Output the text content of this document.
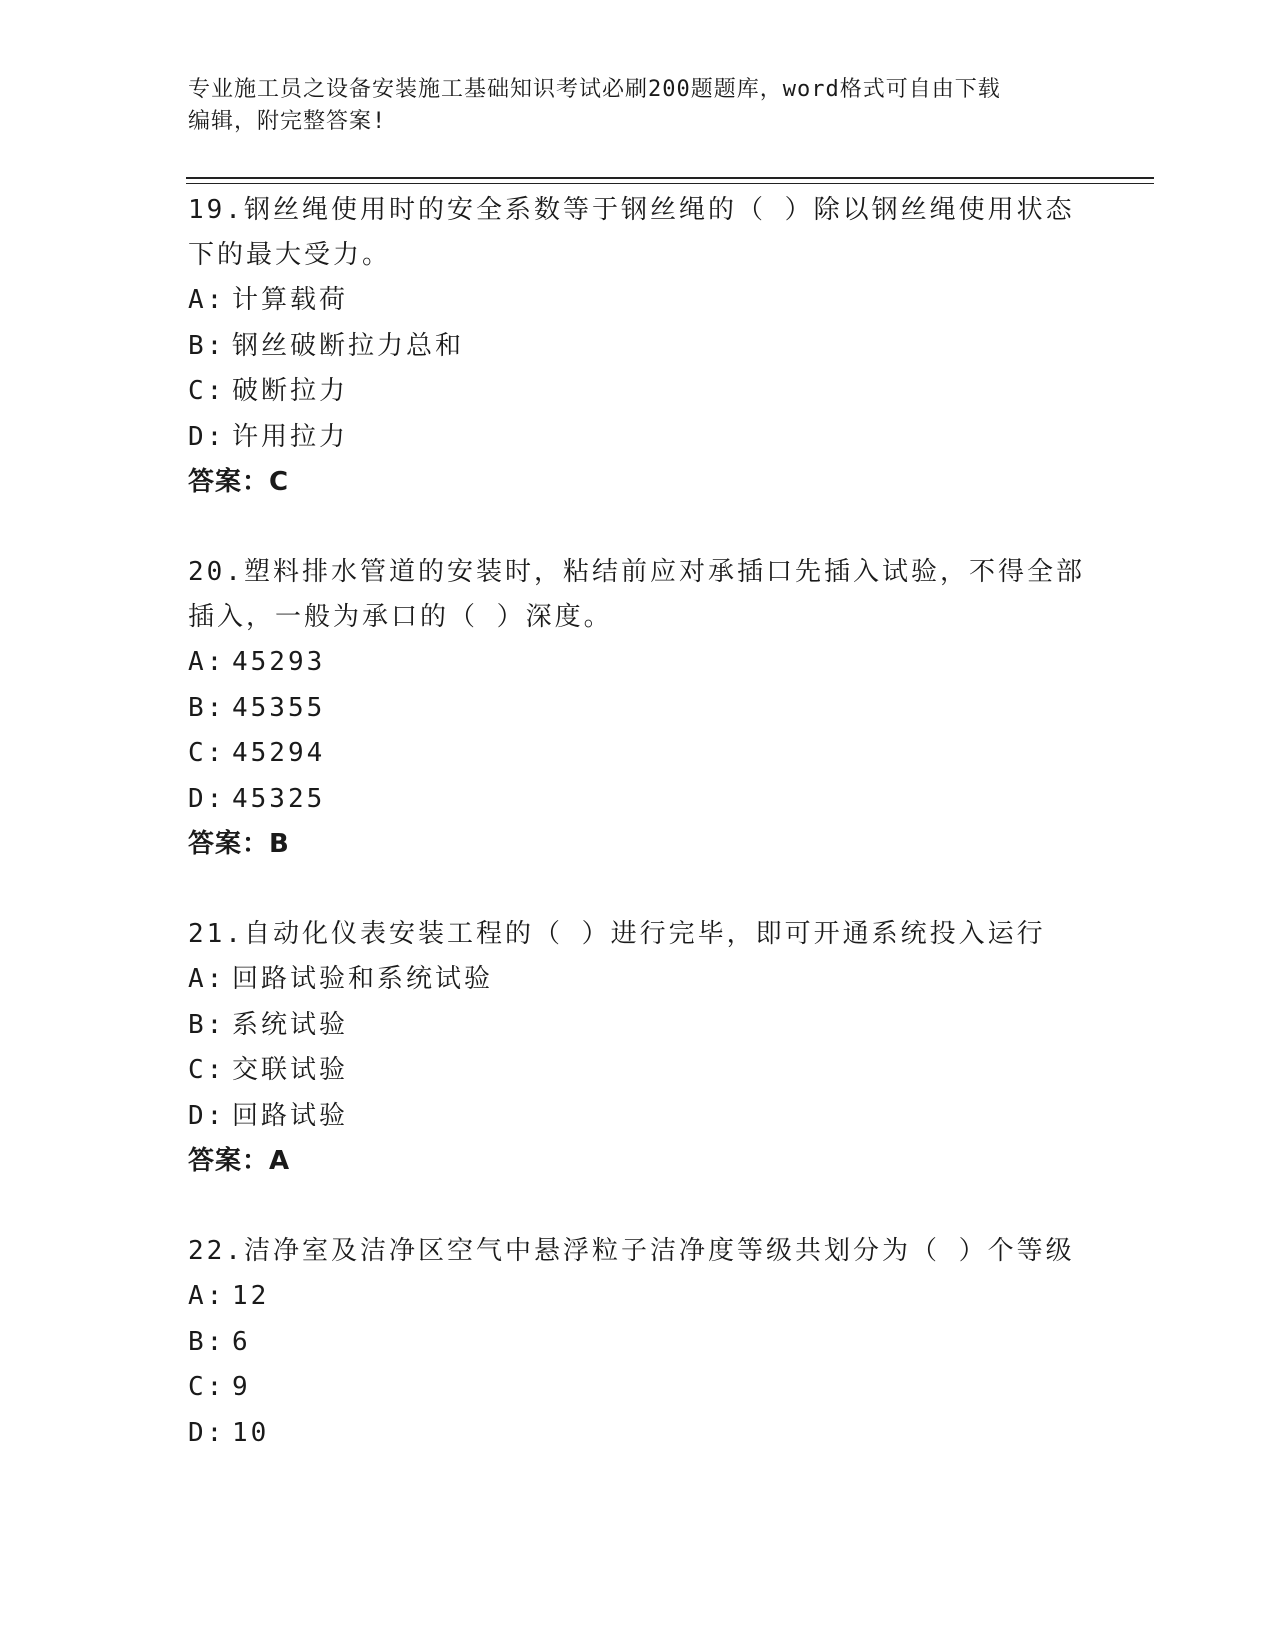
专业施工员之设备安装施工基础知识考试必刷200题题库，word格式可自由下载
编辑，附完整答案!
19.钢丝绳使用时的安全系数等于钢丝绳的（ ）除以钢丝绳使用状态
下的最大受力。
A: 计算载荷
B: 钢丝破断拉力总和
C: 破断拉力
D: 许用拉力
答案：C
20.塑料排水管道的安装时，粘结前应对承插口先插入试验，不得全部
插入，一般为承口的（ ）深度。
A: 45293
B: 45355
C: 45294
D: 45325
答案：B
21.自动化仪表安装工程的（ ）进行完毕，即可开通系统投入运行
A: 回路试验和系统试验
B: 系统试验
C: 交联试验
D: 回路试验
答案：A
22.洁净室及洁净区空气中悬浮粒子洁净度等级共划分为（ ）个等级
A: 12
B: 6
C: 9
D: 10
